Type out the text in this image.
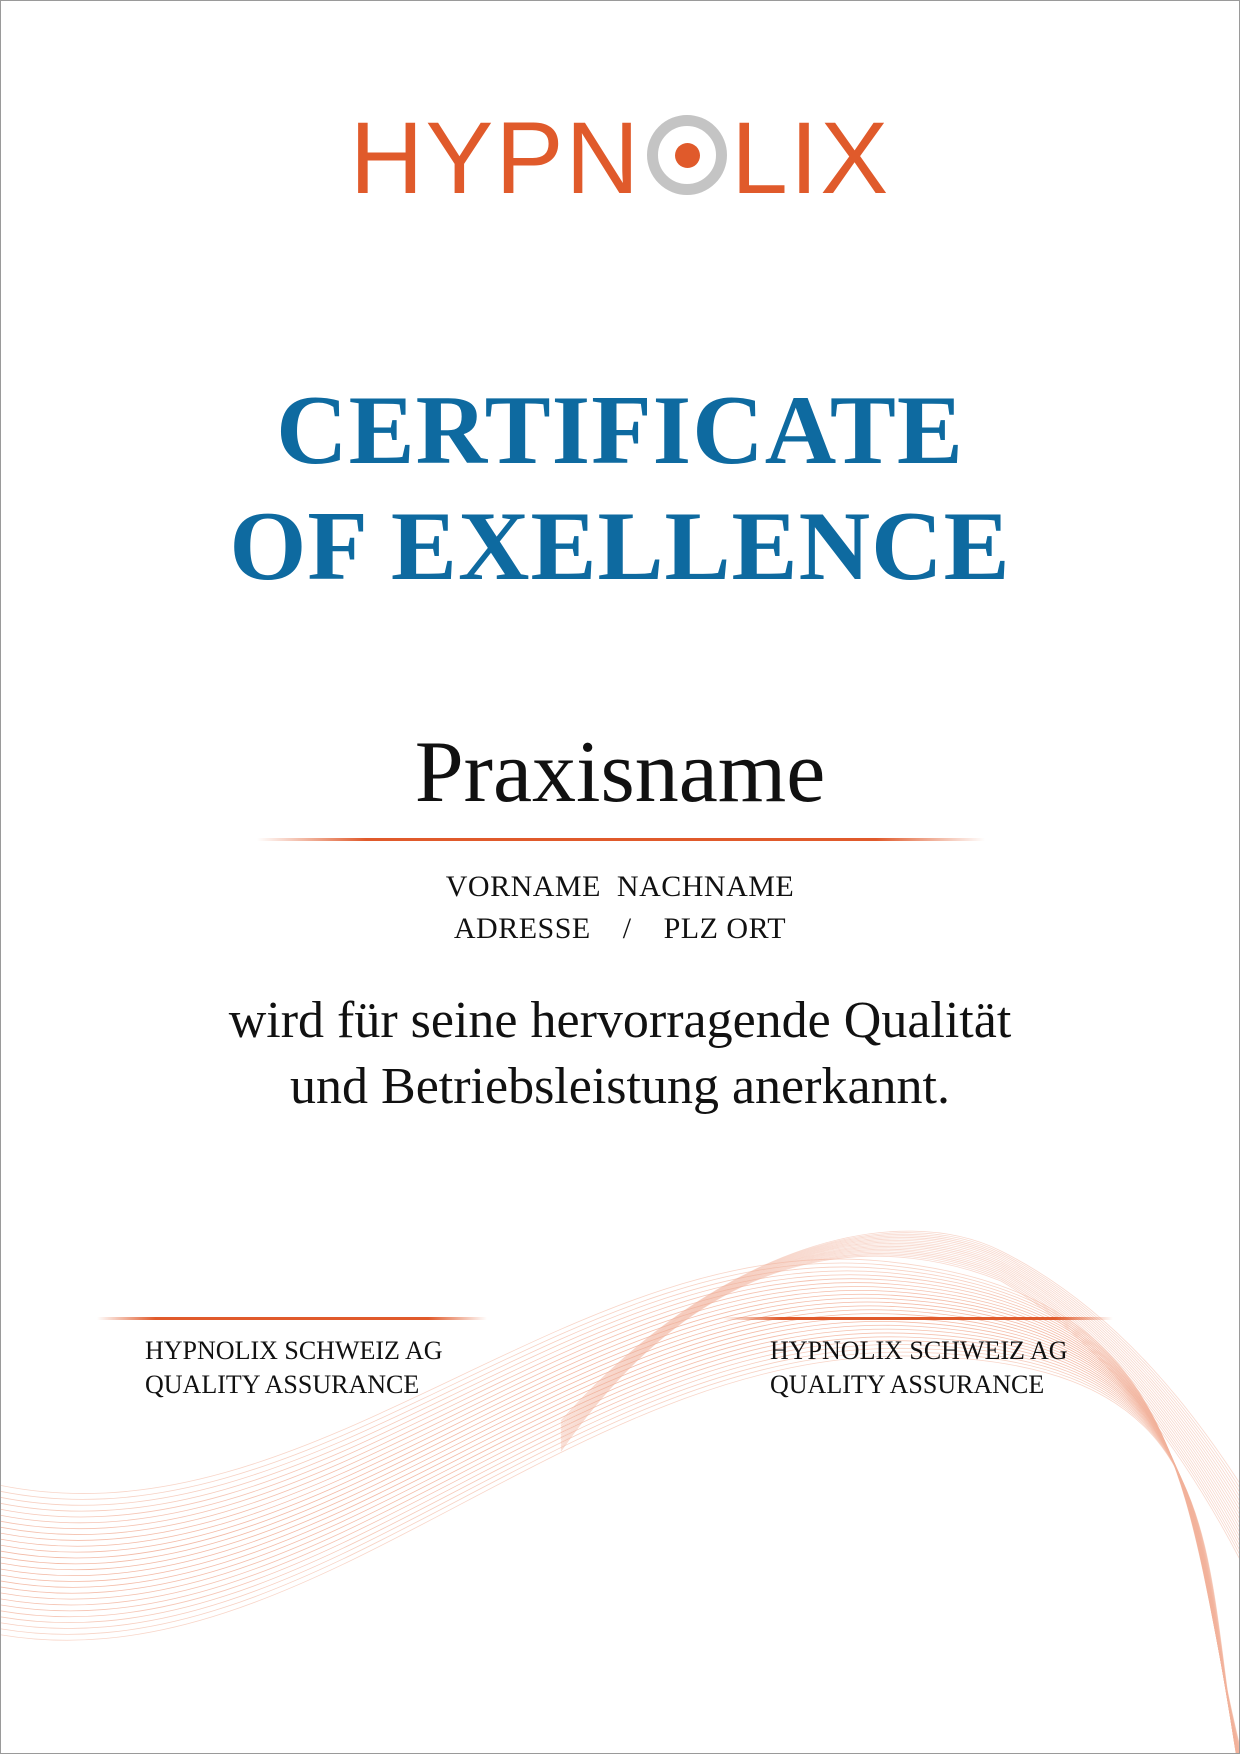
HYPN LIX
CERTIFICATE
OF EXELLENCE
Praxisname
VORNAME  NACHNAME
ADRESSE    /    PLZ ORT
wird für seine hervorragende Qualität
und Betriebsleistung anerkannt.
HYPNOLIX SCHWEIZ AG
QUALITY ASSURANCE
HYPNOLIX SCHWEIZ AG
QUALITY ASSURANCE
